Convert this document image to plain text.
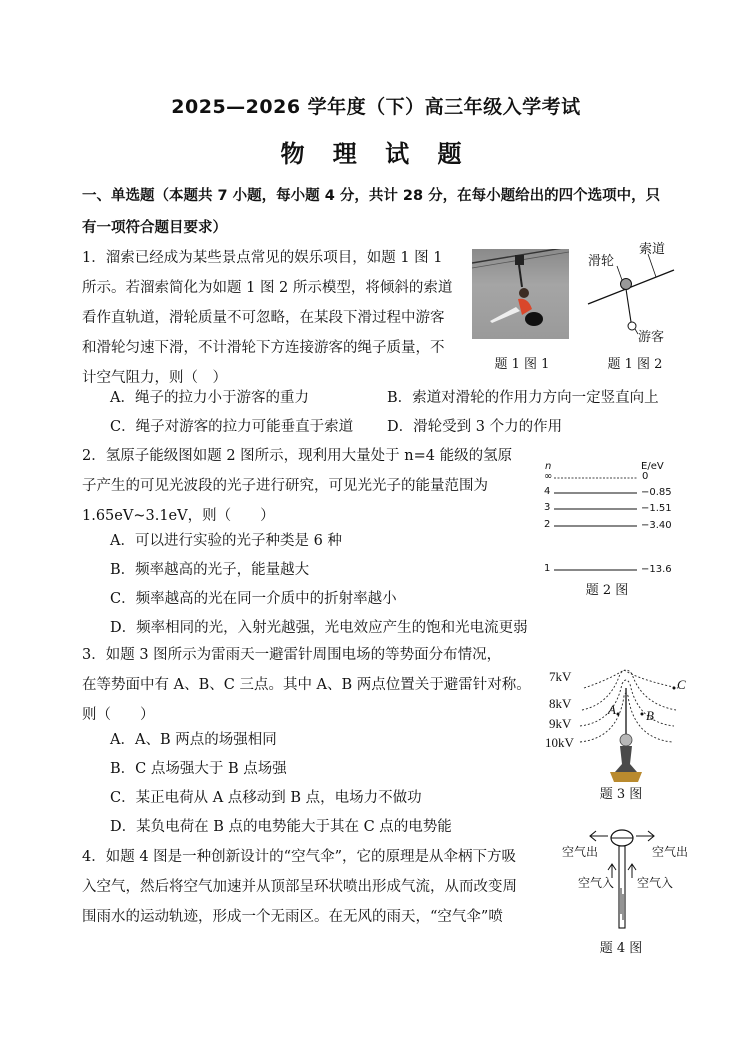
2025—2026 学年度（下）高三年级入学考试
物 理 试 题
一、单选题（本题共 7 小题，每小题 4 分，共计 28 分，在每小题给出的四个选项中，只
有一项符合题目要求）
1．溜索已经成为某些景点常见的娱乐项目，如题 1 图 1
所示。若溜索简化为如题 1 图 2 所示模型，将倾斜的索道
看作直轨道，滑轮质量不可忽略，在某段下滑过程中游客
和滑轮匀速下滑，不计滑轮下方连接游客的绳子质量，不
计空气阻力，则（　）
题 1 图 1
滑轮
索道
游客
题 1 图 2
A．绳子的拉力小于游客的重力	B．索道对滑轮的作用力方向一定竖直向上
C．绳子对游客的拉力可能垂直于索道 D．滑轮受到 3 个力的作用
2．氢原子能级图如题 2 图所示，现利用大量处于 n=4 能级的氢原
子产生的可见光波段的光子进行研究，可见光光子的能量范围为
1.65eV~3.1eV，则（　　）
A．可以进行实验的光子种类是 6 种
B．频率越高的光子，能量越大
C．频率越高的光在同一介质中的折射率越小
D．频率相同的光，入射光越强，光电效应产生的饱和光电流更弱
n	E/eV
∞	0
4	−0.85
3	−1.51
2	−3.40
1	−13.6
题 2 图
3．如题 3 图所示为雷雨天一避雷针周围电场的等势面分布情况，
在等势面中有 A、B、C 三点。其中 A、B 两点位置关于避雷针对称。
则（　　）
A．A、B 两点的场强相同
B．C 点场强大于 B 点场强
C．某正电荷从 A 点移动到 B 点，电场力不做功
D．某负电荷在 B 点的电势能大于其在 C 点的电势能
7kV
8kV
9kV
10kV
A B
C
题 3 图
4．如题 4 图是一种创新设计的“空气伞”，它的原理是从伞柄下方吸
入空气，然后将空气加速并从顶部呈环状喷出形成气流，从而改变周
围雨水的运动轨迹，形成一个无雨区。在无风的雨天，“空气伞”喷
空气出	空气出
空气入 空气入
题 4 图
